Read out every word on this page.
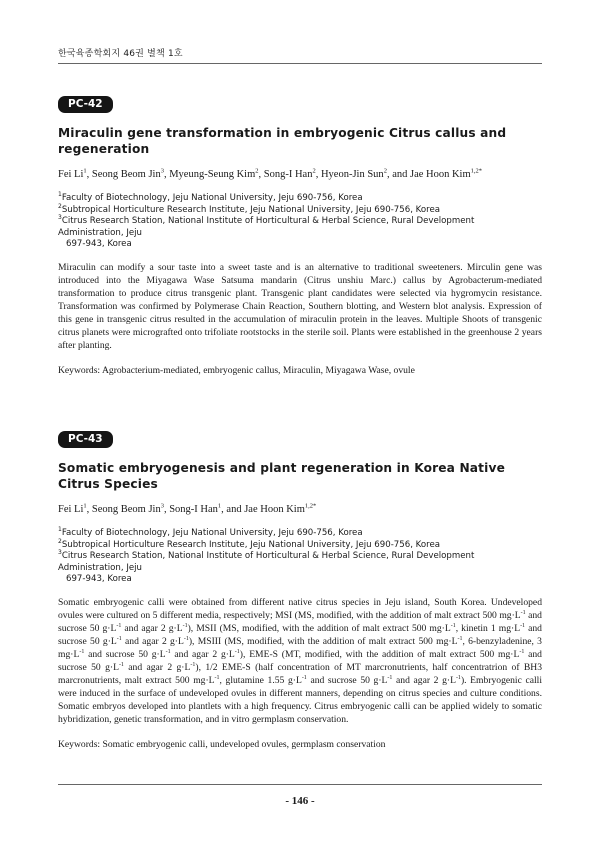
한국육종학회지 46권 별책 1호
PC-42
Miraculin gene transformation in embryogenic Citrus callus and regeneration
Fei Li$^1$, Seong Beom Jin$^3$, Myeung-Seung Kim$^2$, Song-I Han$^2$, Hyeon-Jin Sun$^2$, and Jae Hoon Kim$^{1,2*}$
$^1$Faculty of Biotechnology, Jeju National University, Jeju 690-756, Korea
$^2$Subtropical Horticulture Research Institute, Jeju National University, Jeju 690-756, Korea
$^3$Citrus Research Station, National Institute of Horticultural & Herbal Science, Rural Development Administration, Jeju
697-943, Korea
Miraculin can modify a sour taste into a sweet taste and is an alternative to traditional sweeteners. Mirculin gene was introduced into the Miyagawa Wase Satsuma mandarin (Citrus unshiu Marc.) callus by Agrobacterum-mediated transformation to produce citrus transgenic plant. Transgenic plant candidates were selected via hygromycin resistance. Transformation was confirmed by Polymerase Chain Reaction, Southern blotting, and Western blot analysis. Expression of this gene in transgenic citrus resulted in the accumulation of miraculin protein in the leaves. Multiple Shoots of transgenic citrus planets were micrografted onto trifoliate rootstocks in the sterile soil. Plants were established in the greenhouse 2 years after planting.
Keywords: Agrobacterium-mediated, embryogenic callus, Miraculin, Miyagawa Wase, ovule
PC-43
Somatic embryogenesis and plant regeneration in Korea Native Citrus Species
Fei Li$^1$, Seong Beom Jin$^3$, Song-I Han$^1$, and Jae Hoon Kim$^{1,2*}$
$^1$Faculty of Biotechnology, Jeju National University, Jeju 690-756, Korea
$^2$Subtropical Horticulture Research Institute, Jeju National University, Jeju 690-756, Korea
$^3$Citrus Research Station, National Institute of Horticultural & Herbal Science, Rural Development Administration, Jeju
697-943, Korea
Somatic embryogenic calli were obtained from different native citrus species in Jeju island, South Korea. Undeveloped ovules were cultured on 5 different media, respectively; MSI (MS, modified, with the addition of malt extract 500 $mg\cdot L^{-1}$ and sucrose 50 $g\cdot L^{-1}$ and agar 2 $g\cdot L^{-1}$), MSII (MS, modified, with the addition of malt extract 500 $mg\cdot L^{-1}$, kinetin 1 $mg\cdot L^{-1}$ and sucrose 50 $g\cdot L^{-1}$ and agar 2 $g\cdot L^{-1}$), MSIII (MS, modified, with the addition of malt extract 500 $mg\cdot L^{-1}$, 6-benzyladenine, 3 $mg\cdot L^{-1}$ and sucrose 50 $g\cdot L^{-1}$ and agar 2 $g\cdot L^{-1}$), EME-S (MT, modified, with the addition of malt extract 500 $mg\cdot L^{-1}$ and sucrose 50 $g\cdot L^{-1}$ and agar 2 $g\cdot L^{-1}$), 1/2 EME-S (half concentration of MT marcronutrients, half concentratrion of BH3 marcronutrients, malt extract 500 $mg\cdot L^{-1}$, glutamine 1.55 $g\cdot L^{-1}$ and sucrose 50 $g\cdot L^{-1}$ and agar 2 $g\cdot L^{-1}$). Embryogenic calli were induced in the surface of undeveloped ovules in different manners, depending on citrus species and culture conditions. Somatic embryos developed into plantlets with a high frequency. Citrus embryogenic calli can be applied widely to somatic hybridization, genetic transformation, and in vitro germplasm conservation.
Keywords: Somatic embryogenic calli, undeveloped ovules, germplasm conservation
- 146 -
